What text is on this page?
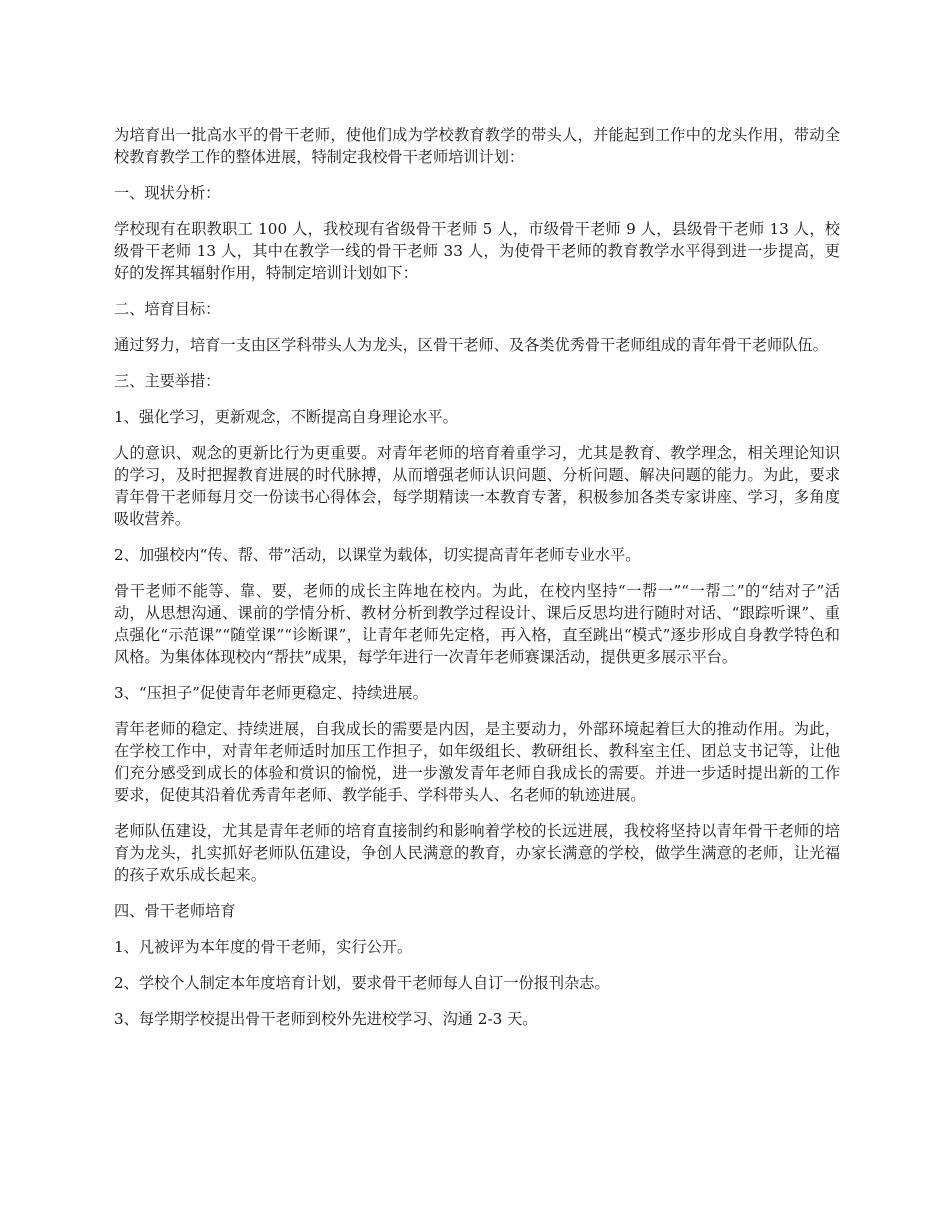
为培育出一批高水平的骨干老师，使他们成为学校教育教学的带头人，并能起到工作中的龙头作用，带动全校教育教学工作的整体进展，特制定我校骨干老师培训计划：

一、现状分析：

学校现有在职教职工 100 人，我校现有省级骨干老师 5 人，市级骨干老师 9 人，县级骨干老师 13 人，校级骨干老师 13 人，其中在教学一线的骨干老师 33 人，为使骨干老师的教育教学水平得到进一步提高，更好的发挥其辐射作用，特制定培训计划如下：

二、培育目标：

通过努力，培育一支由区学科带头人为龙头，区骨干老师、及各类优秀骨干老师组成的青年骨干老师队伍。

三、主要举措：

1、强化学习，更新观念，不断提高自身理论水平。

人的意识、观念的更新比行为更重要。对青年老师的培育着重学习，尤其是教育、教学理念，相关理论知识的学习，及时把握教育进展的时代脉搏，从而增强老师认识问题、分析问题、解决问题的能力。为此，要求青年骨干老师每月交一份读书心得体会，每学期精读一本教育专著，积极参加各类专家讲座、学习，多角度吸收营养。

2、加强校内“传、帮、带”活动，以课堂为载体，切实提高青年老师专业水平。

骨干老师不能等、靠、要，老师的成长主阵地在校内。为此，在校内坚持“一帮一”“一帮二”的“结对子”活动，从思想沟通、课前的学情分析、教材分析到教学过程设计、课后反思均进行随时对话、“跟踪听课”、重点强化“示范课”“随堂课”“诊断课”，让青年老师先定格，再入格，直至跳出“模式”逐步形成自身教学特色和风格。为集体体现校内“帮扶”成果，每学年进行一次青年老师赛课活动，提供更多展示平台。

3、“压担子”促使青年老师更稳定、持续进展。

青年老师的稳定、持续进展，自我成长的需要是内因，是主要动力，外部环境起着巨大的推动作用。为此，在学校工作中，对青年老师适时加压工作担子，如年级组长、教研组长、教科室主任、团总支书记等，让他们充分感受到成长的体验和赏识的愉悦，进一步激发青年老师自我成长的需要。并进一步适时提出新的工作要求，促使其沿着优秀青年老师、教学能手、学科带头人、名老师的轨迹进展。

老师队伍建设，尤其是青年老师的培育直接制约和影响着学校的长远进展，我校将坚持以青年骨干老师的培育为龙头，扎实抓好老师队伍建设，争创人民满意的教育，办家长满意的学校，做学生满意的老师，让光福的孩子欢乐成长起来。

四、骨干老师培育

1、凡被评为本年度的骨干老师，实行公开。

2、学校个人制定本年度培育计划，要求骨干老师每人自订一份报刊杂志。

3、每学期学校提出骨干老师到校外先进校学习、沟通 2-3 天。
